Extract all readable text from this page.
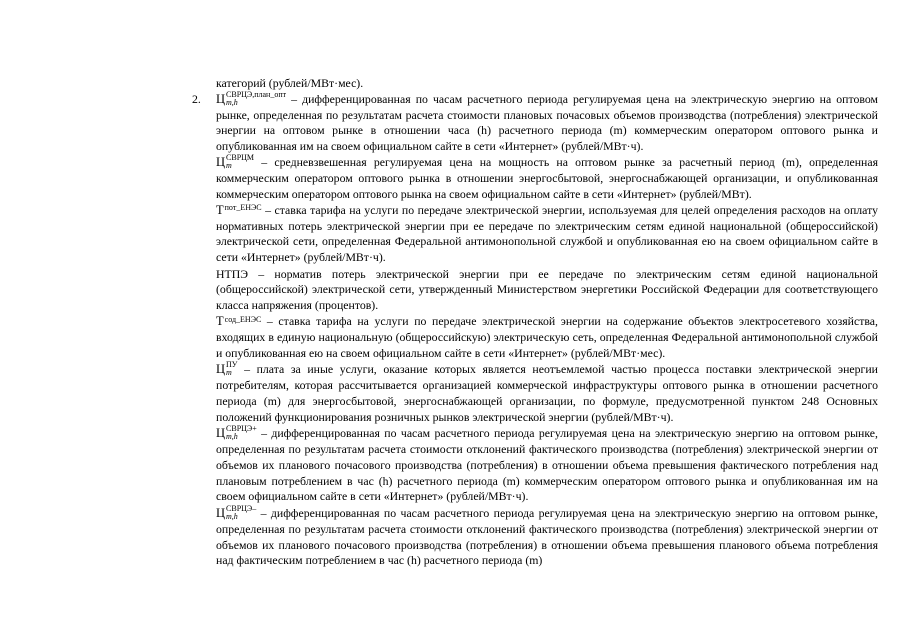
категорий (рублей/МВт·мес).

2.	Ц СВРЦЭ,план_опт
m,h	– дифференцированная по часам расчетного периода регулируемая цена на электрическую энергию на оптовом рынке, определенная по результатам расчета стоимости плановых почасовых объемов производства (потребления) электрической энергии на оптовом рынке в отношении часа (h) расчетного периода (m) коммерческим оператором оптового рынка и опубликованная им на своем официальном сайте в сети «Интернет» (рублей/МВт·ч).

Ц СВРЦМ
m	– средневзвешенная регулируемая цена на мощность на оптовом рынке за расчетный период (m), определенная коммерческим оператором оптового рынка в отношении энергосбытовой, энергоснабжающей организации, и опубликованная коммерческим оператором оптового рынка на своем официальном сайте в сети «Интернет» (рублей/МВт).

Т пот_ЕНЭС – ставка тарифа на услуги по передаче электрической энергии, используемая для целей определения расходов на оплату нормативных потерь электрической энергии при ее передаче по электрическим сетям единой национальной (общероссийской) электрической сети, определенная Федеральной антимонопольной службой и опубликованная ею на своем официальном сайте в сети «Интернет» (рублей/МВт·ч).

НТПЭ – норматив потерь электрической энергии при ее передаче по электрическим сетям единой национальной (общероссийской) электрической сети, утвержденный Министерством энергетики Российской Федерации для соответствующего класса напряжения (процентов).

Т сод_ЕНЭС – ставка тарифа на услуги по передаче электрической энергии на содержание объектов электросетевого хозяйства, входящих в единую национальную (общероссийскую) электрическую сеть, определенная Федеральной антимонопольной службой и опубликованная ею на своем официальном сайте в сети «Интернет» (рублей/МВт·мес).

Ц ПУ
m – плата за иные услуги, оказание которых является неотъемлемой частью процесса поставки электрической энергии потребителям, которая рассчитывается организацией коммерческой инфраструктуры оптового рынка в отношении расчетного периода (m) для энергосбытовой, энергоснабжающей организации, по формуле, предусмотренной пунктом 248 Основных положений функционирования розничных рынков электрической энергии (рублей/МВт·ч).

Ц СВРЦЭ+
m,h	– дифференцированная по часам расчетного периода регулируемая цена на электрическую энергию на оптовом рынке, определенная по результатам расчета стоимости отклонений фактического производства (потребления) электрической энергии от объемов их планового почасового производства (потребления) в отношении объема превышения фактического потребления над плановым потреблением в час (h) расчетного периода (m) коммерческим оператором оптового рынка и опубликованная им на своем официальном сайте в сети «Интернет» (рублей/МВт·ч).

Ц СВРЦЭ–
m,h	– дифференцированная по часам расчетного периода регулируемая цена на электрическую энергию на оптовом рынке, определенная по результатам расчета стоимости отклонений фактического производства (потребления) электрической энергии от объемов их планового почасового производства (потребления) в отношении объема превышения планового объема потребления над фактическим потреблением в час (h) расчетного периода (m)
